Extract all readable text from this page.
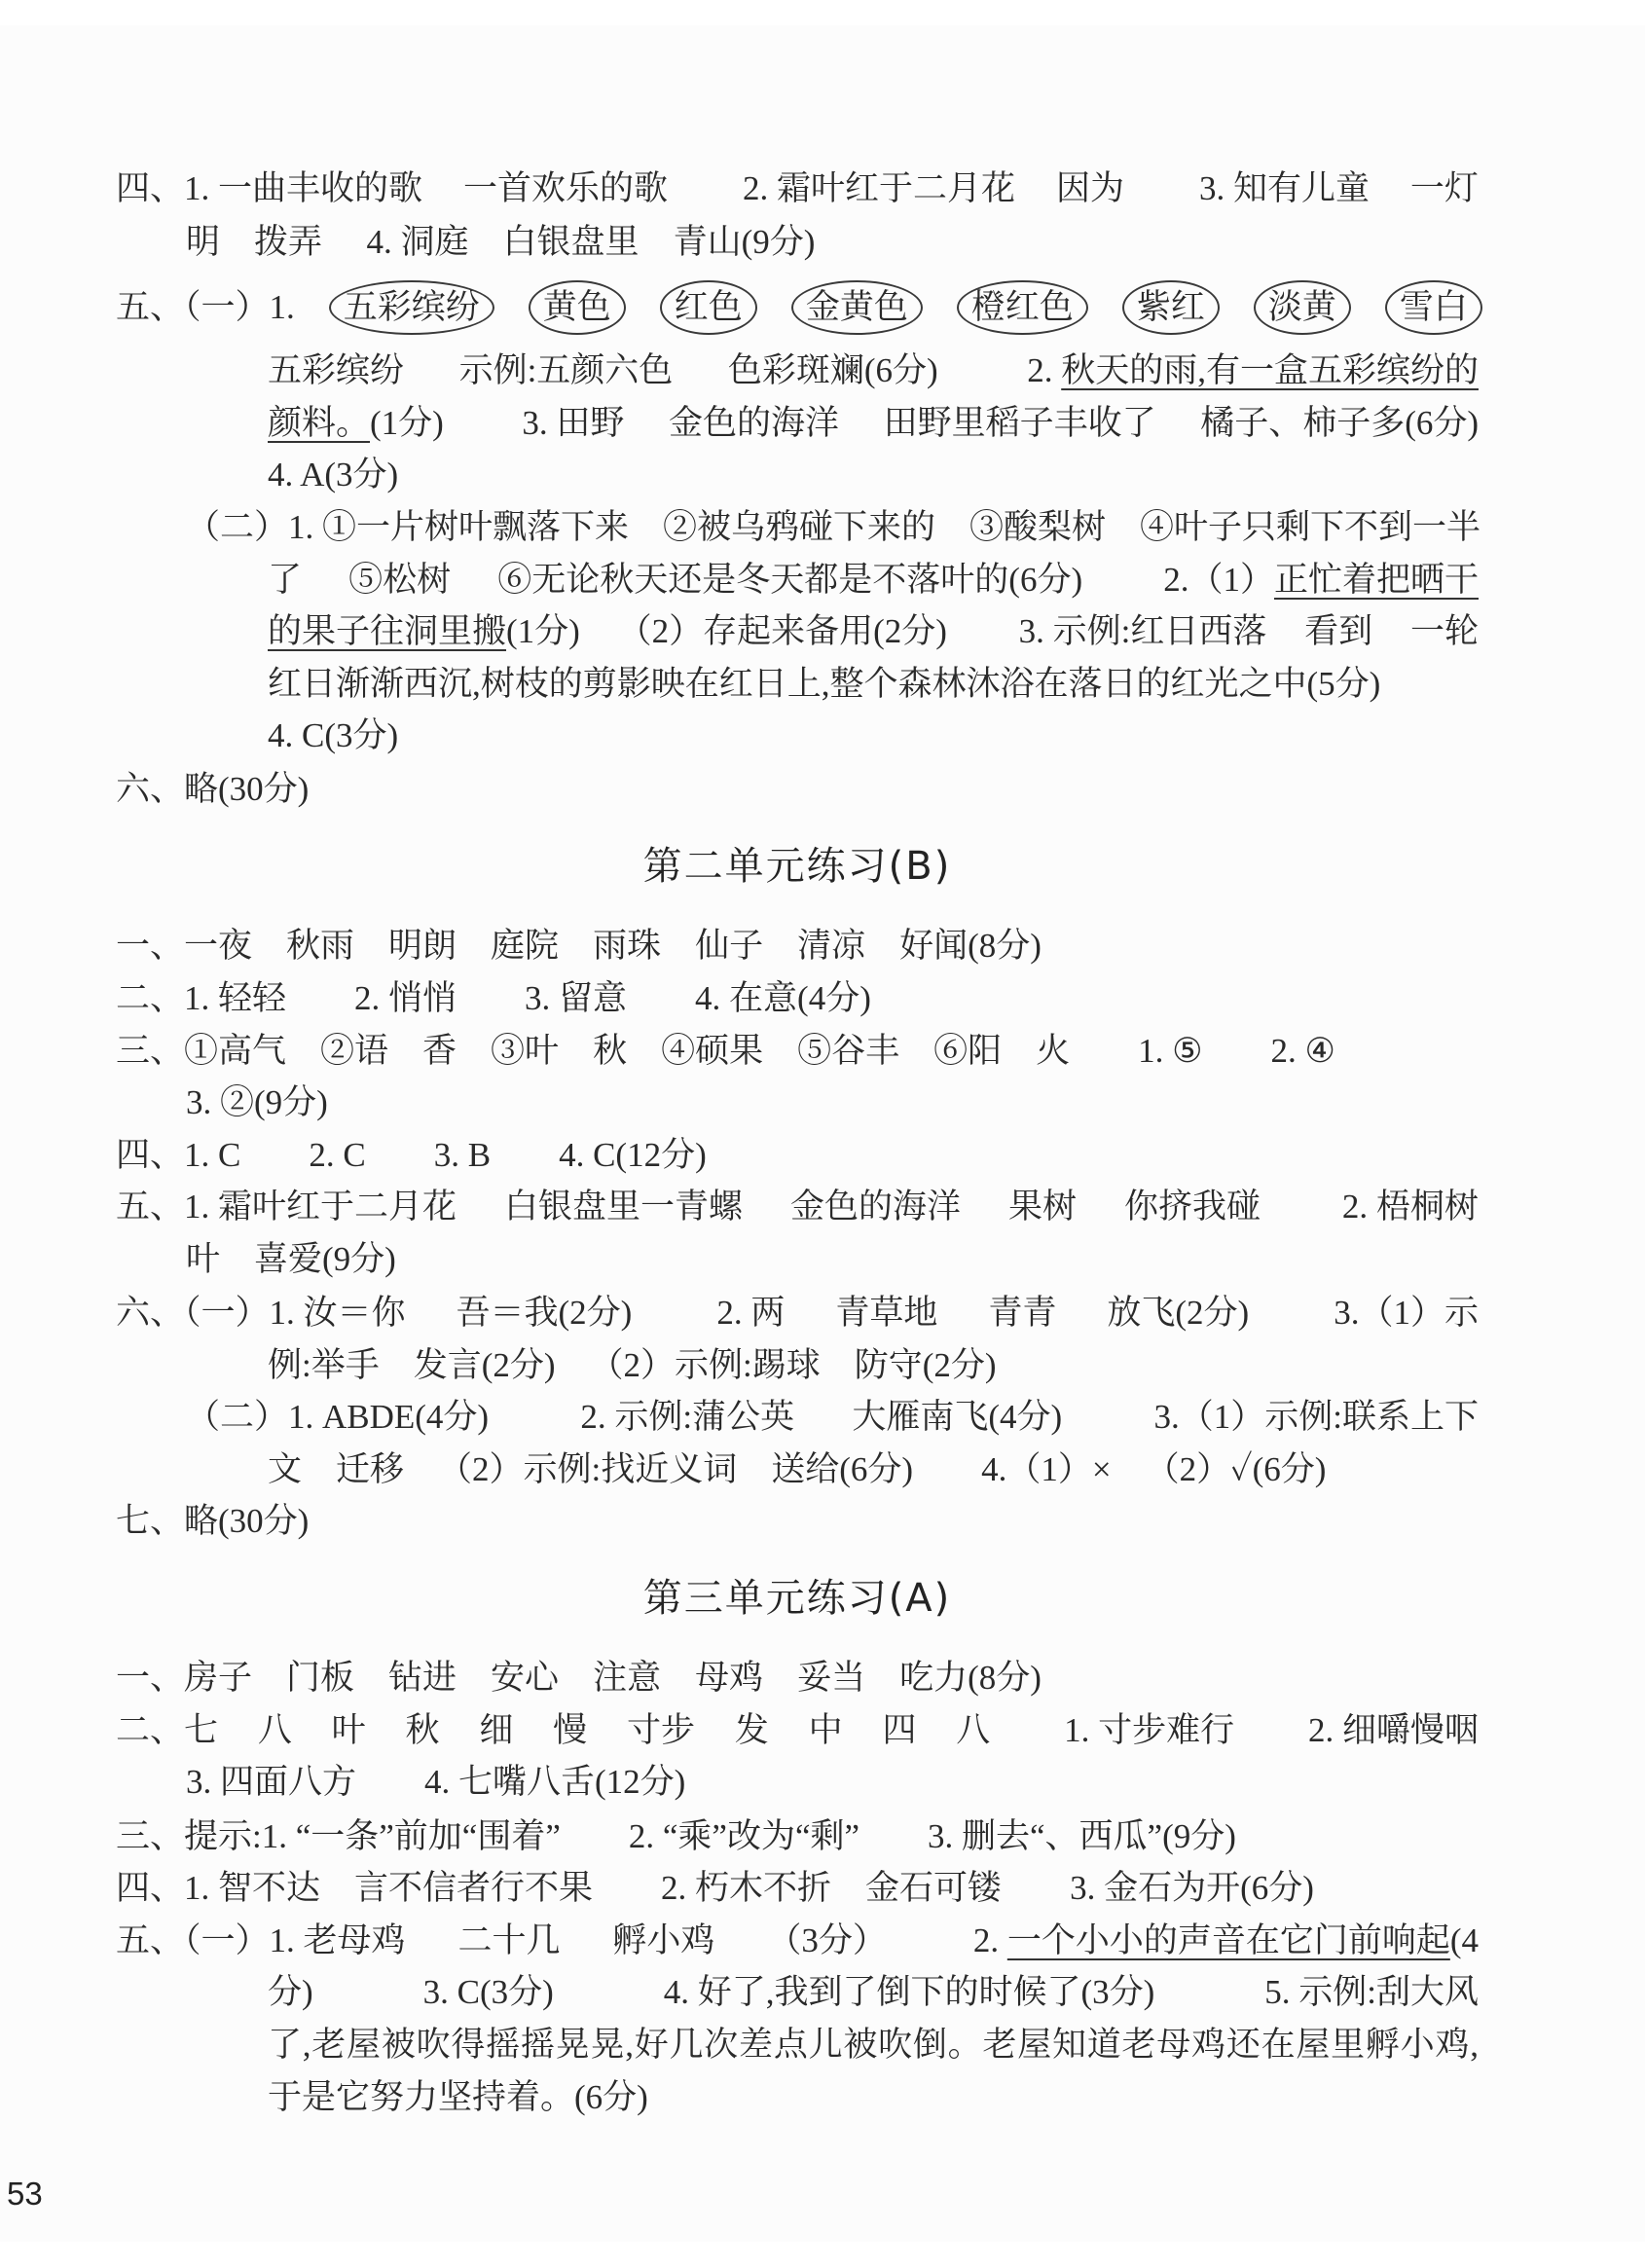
四、1. 一曲丰收的歌 一首欢乐的歌 2. 霜叶红于二月花 因为 3. 知有儿童 一灯
明 拨弄 4. 洞庭 白银盘里 青山(9分)
五、（一）1.	五彩缤纷	黄色	红色	金黄色	橙红色	紫红	淡黄	雪白
五彩缤纷 示例:五颜六色 色彩斑斓(6分)	2. 秋天的雨,有一盒五彩缤纷的
颜料。(1分) 3. 田野 金色的海洋 田野里稻子丰收了 橘子、柿子多(6分)
4. A(3分)
（二）1. ①一片树叶飘落下来 ②被乌鸦碰下来的 ③酸梨树 ④叶子只剩下不到一半
了 ⑤松树 ⑥无论秋天还是冬天都是不落叶的(6分) 2.（1）正忙着把晒干
的果子往洞里搬(1分) （2）存起来备用(2分) 3. 示例:红日西落 看到 一轮
红日渐渐西沉,树枝的剪影映在红日上,整个森林沐浴在落日的红光之中(5分)
4. C(3分)
六、略(30分)
第二单元练习(B)
一、一夜 秋雨 明朗 庭院 雨珠 仙子 清凉 好闻(8分)
二、1. 轻轻 2. 悄悄 3. 留意 4. 在意(4分)
三、①高气 ②语 香 ③叶 秋 ④硕果 ⑤谷丰 ⑥阳 火 1. ⑤ 2. ④
3. ②(9分)
四、1. C 2. C 3. B 4. C(12分)
五、1. 霜叶红于二月花 白银盘里一青螺 金色的海洋 果树 你挤我碰 2. 梧桐树
叶 喜爱(9分)
六、（一）1. 汝＝你 吾＝我(2分) 2. 两 青草地 青青 放飞(2分) 3.（1）示
例:举手 发言(2分) （2）示例:踢球 防守(2分)
（二）1. ABDE(4分)	2. 示例:蒲公英 大雁南飞(4分)	3.（1）示例:联系上下
文 迁移 （2）示例:找近义词 送给(6分) 4.（1）× （2）✓(6分)
七、略(30分)
第三单元练习(A)
一、房子 门板 钻进 安心 注意 母鸡 妥当 吃力(8分)
二、七 八 叶 秋 细 慢 寸步 发 中 四 八 1. 寸步难行 2. 细嚼慢咽
3. 四面八方 4. 七嘴八舌(12分)
三、提示:1. “一条”前加“围着” 2. “乘”改为“剩” 3. 删去“、西瓜”(9分)
四、1. 智不达 言不信者行不果 2. 朽木不折 金石可镂 3. 金石为开(6分)
五、（一）1. 老母鸡 二十几 孵小鸡 （3分）	2. 一个小小的声音在它门前响起(4
分)	3. C(3分)	4. 好了,我到了倒下的时候了(3分)	5. 示例:刮大风
了,老屋被吹得摇摇晃晃,好几次差点儿被吹倒。老屋知道老母鸡还在屋里孵小鸡,
于是它努力坚持着。(6分)
53
